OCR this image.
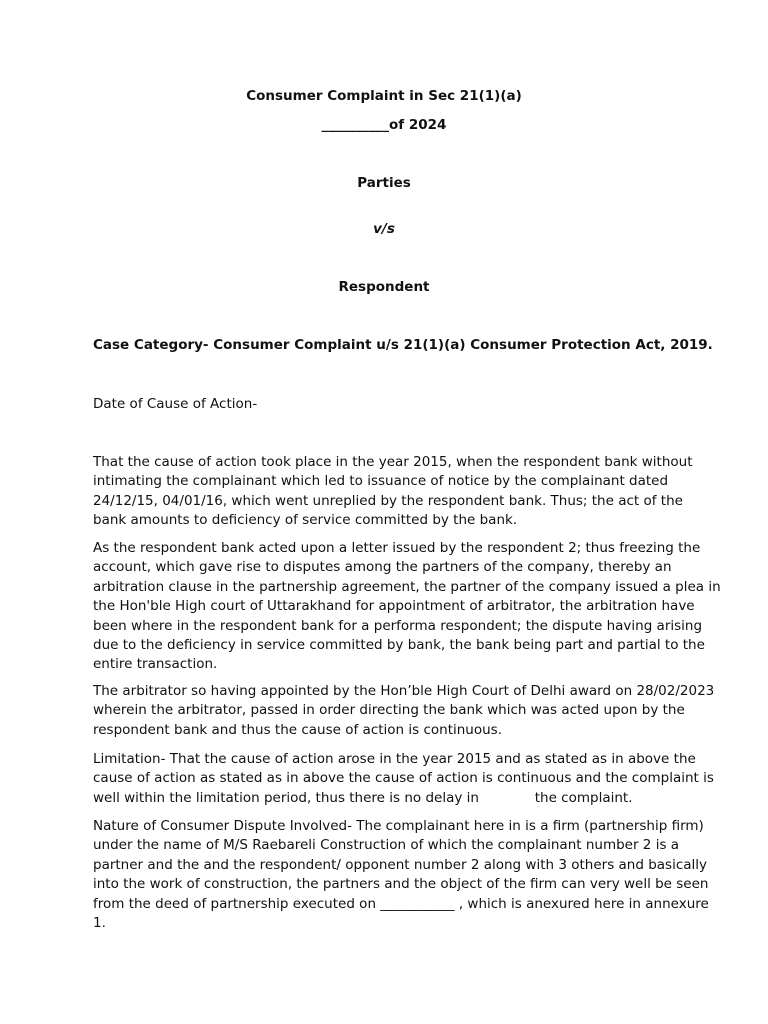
Consumer Complaint in Sec 21(1)(a)
__________of 2024
Parties
v/s
Respondent
Case Category- Consumer Complaint u/s 21(1)(a) Consumer Protection Act, 2019.
Date of Cause of Action-
That the cause of action took place in the year 2015, when the respondent bank without
intimating the complainant which led to issuance of notice by the complainant dated
24/12/15, 04/01/16, which went unreplied by the respondent bank. Thus; the act of the
bank amounts to deficiency of service committed by the bank.
As the respondent bank acted upon a letter issued by the respondent 2; thus freezing the
account, which gave rise to disputes among the partners of the company, thereby an
arbitration clause in the partnership agreement, the partner of the company issued a plea in
the Hon'ble High court of Uttarakhand for appointment of arbitrator, the arbitration have
been where in the respondent bank for a performa respondent; the dispute having arising
due to the deficiency in service committed by bank, the bank being part and partial to the
entire transaction.
The arbitrator so having appointed by the Hon’ble High Court of Delhi award on 28/02/2023
wherein the arbitrator, passed in order directing the bank which was acted upon by the
respondent bank and thus the cause of action is continuous.
Limitation- That the cause of action arose in the year 2015 and as stated as in above the
cause of action as stated as in above the cause of action is continuous and the complaint is
well within the limitation period, thus there is no delay in             the complaint.
Nature of Consumer Dispute Involved- The complainant here in is a firm (partnership firm)
under the name of M/S Raebareli Construction of which the complainant number 2 is a
partner and the and the respondent/ opponent number 2 along with 3 others and basically
into the work of construction, the partners and the object of the firm can very well be seen
from the deed of partnership executed on ___________ , which is anexured here in annexure
1.
